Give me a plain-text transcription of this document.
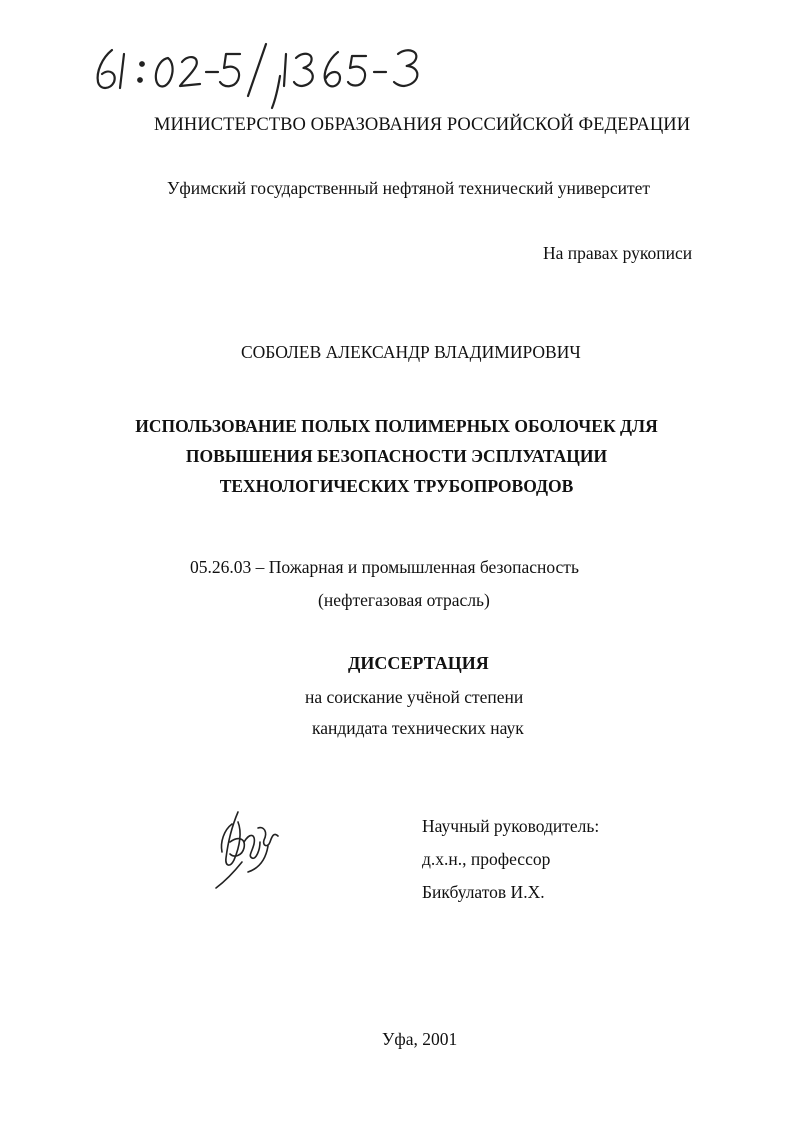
МИНИСТЕРСТВО ОБРАЗОВАНИЯ РОССИЙСКОЙ ФЕДЕРАЦИИ
Уфимский государственный нефтяной технический университет
На правах рукописи
СОБОЛЕВ АЛЕКСАНДР ВЛАДИМИРОВИЧ
ИСПОЛЬЗОВАНИЕ ПОЛЫХ ПОЛИМЕРНЫХ ОБОЛОЧЕК ДЛЯ
ПОВЫШЕНИЯ БЕЗОПАСНОСТИ ЭСПЛУАТАЦИИ
ТЕХНОЛОГИЧЕСКИХ ТРУБОПРОВОДОВ
05.26.03 – Пожарная и промышленная безопасность
(нефтегазовая отрасль)
ДИССЕРТАЦИЯ
на соискание учёной степени
кандидата технических наук
Научный руководитель:
д.х.н., профессор
Бикбулатов И.Х.
Уфа, 2001
